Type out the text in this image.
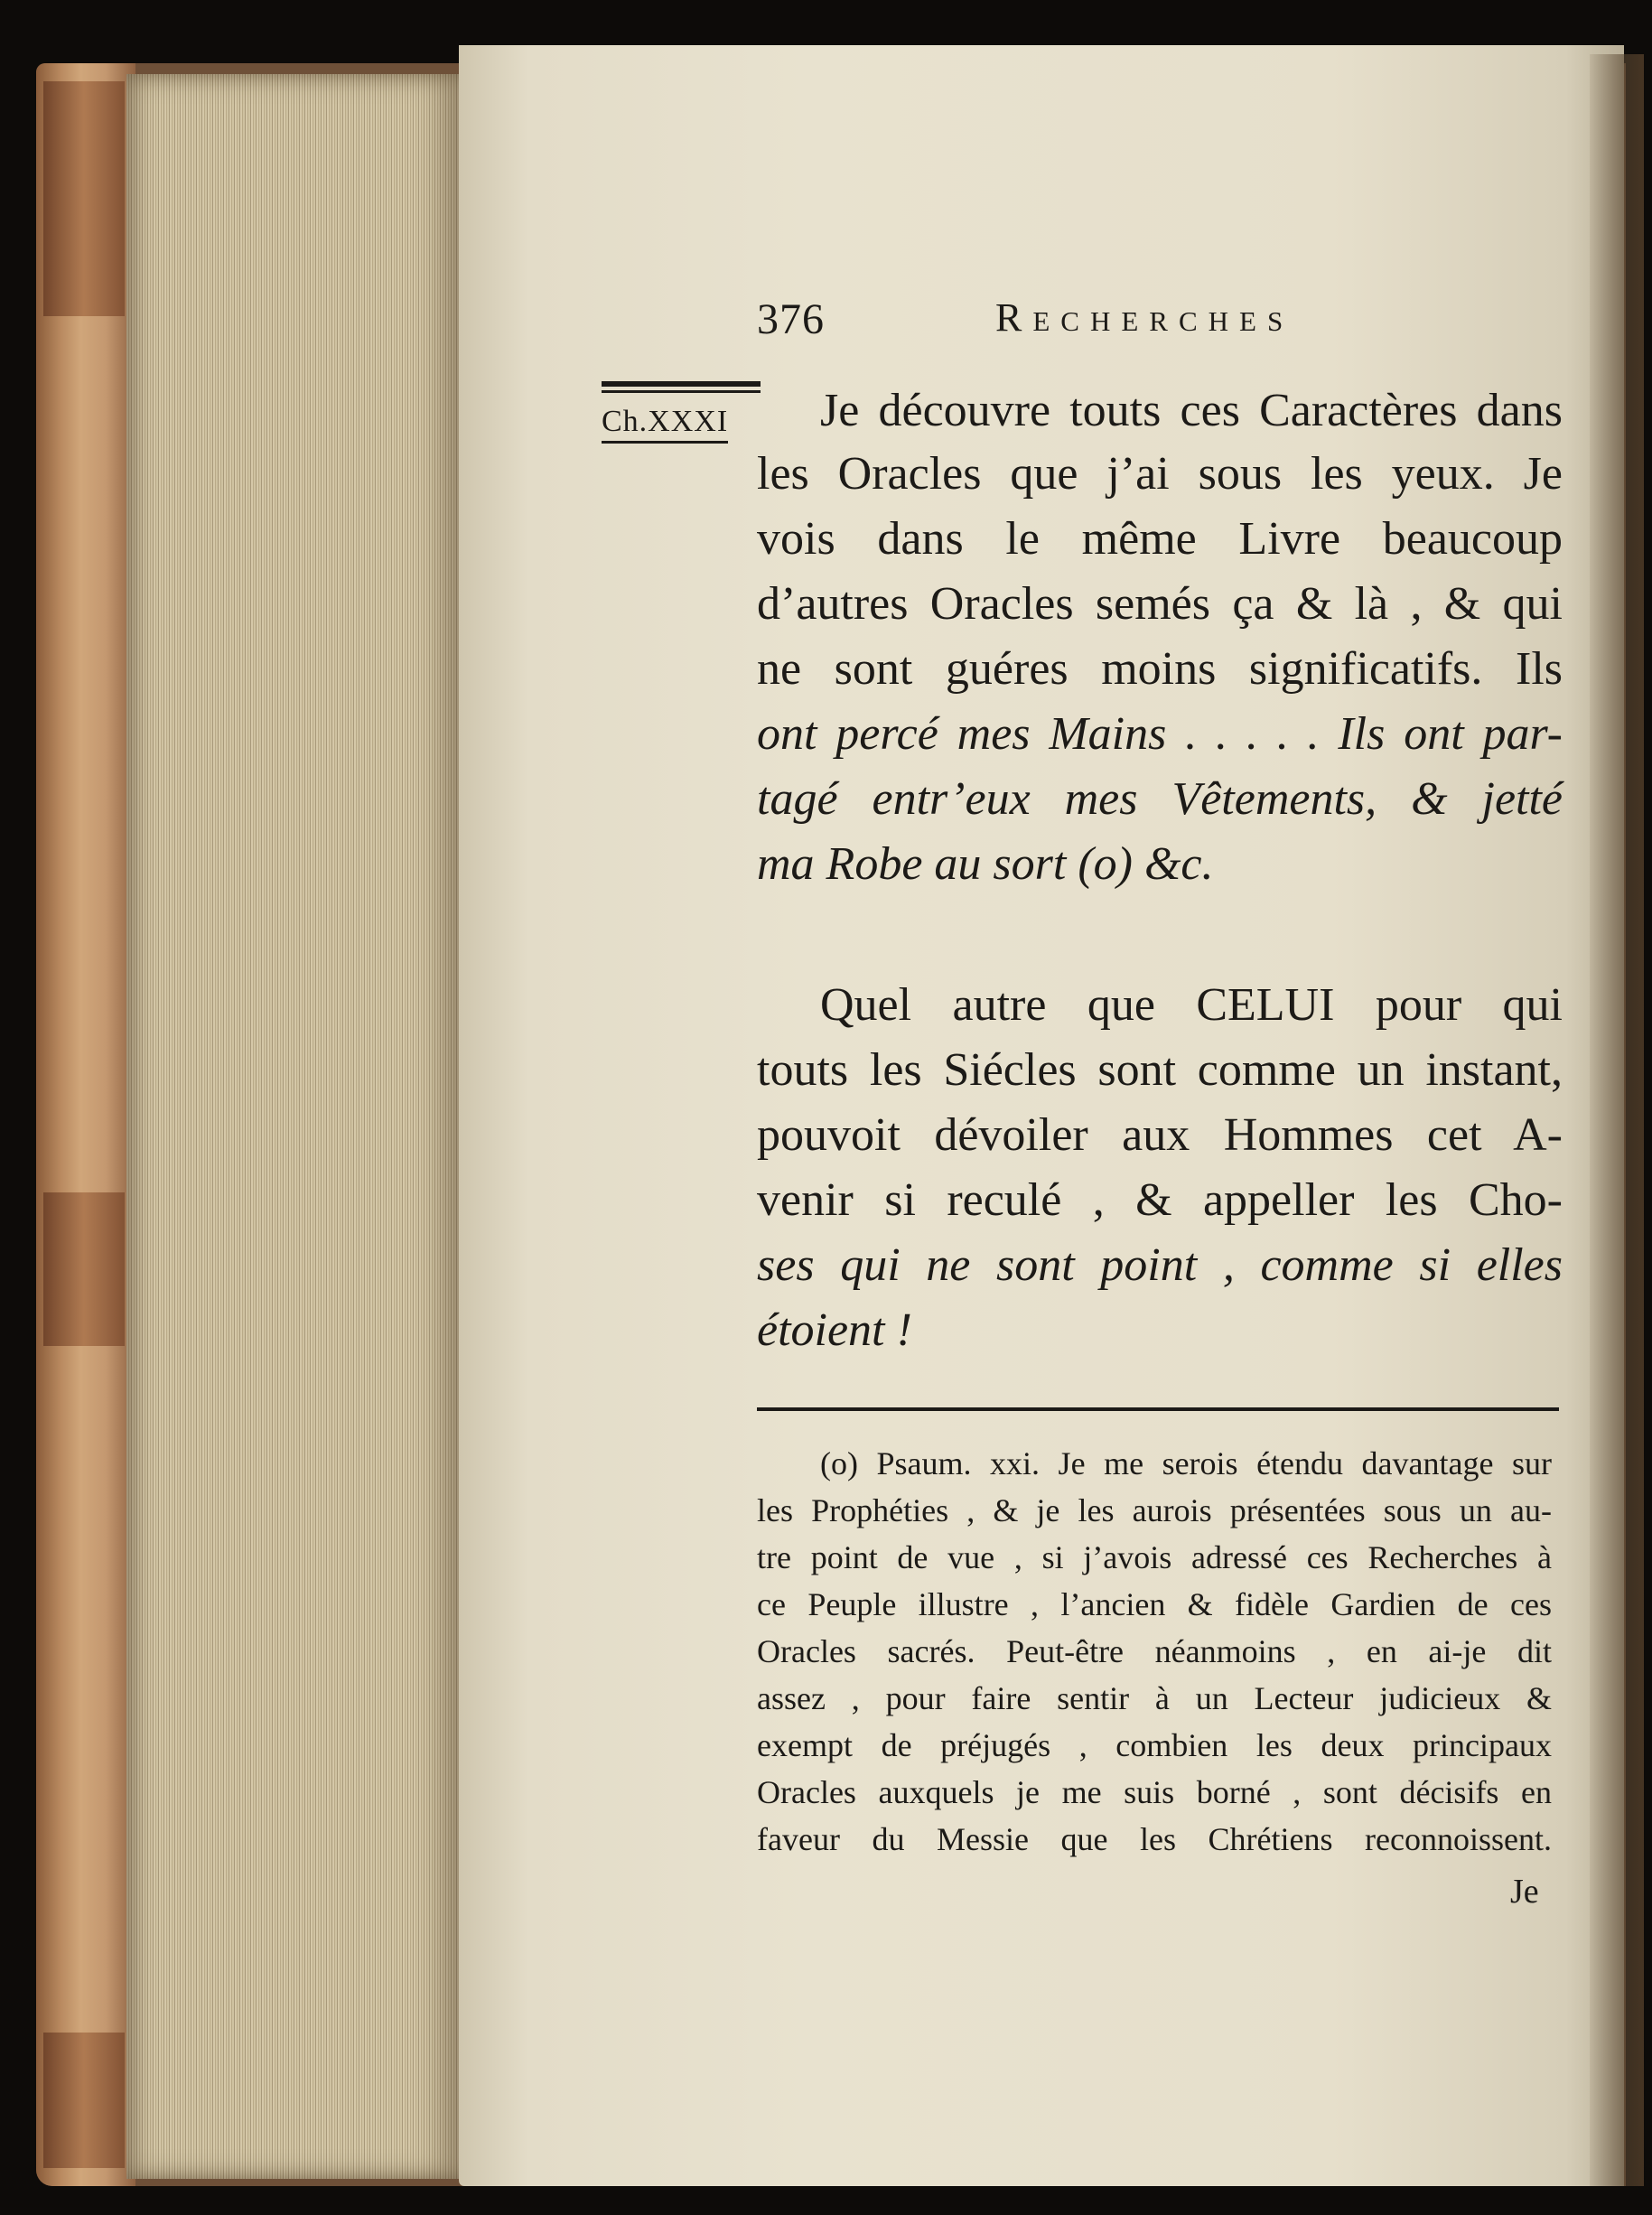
376	Recherches
Ch.XXXI	Je découvre touts ces Caractères dans
les Oracles que j’ai sous les yeux. Je
vois dans le même Livre beaucoup
d’autres Oracles semés ça & là , & qui
ne sont guéres moins significatifs. Ils
ont percé mes Mains . . . . . Ils ont par-
tagé entr’eux mes Vêtements, & jetté
ma Robe au sort (o) &c.
Quel autre que CELUI pour qui
touts les Siécles sont comme un instant,
pouvoit dévoiler aux Hommes cet A-
venir si reculé , & appeller les Cho-
ses qui ne sont point , comme si elles
étoient !
(o) Psaum. xxi. Je me serois étendu davantage sur
les Prophéties , & je les aurois présentées sous un au-
tre point de vue , si j’avois adressé ces Recherches à
ce Peuple illustre , l’ancien & fidèle Gardien de ces
Oracles sacrés. Peut-être néanmoins , en ai-je dit
assez , pour faire sentir à un Lecteur judicieux &
exempt de préjugés , combien les deux principaux
Oracles auxquels je me suis borné , sont décisifs en
faveur du Messie que les Chrétiens reconnoissent.
Je
